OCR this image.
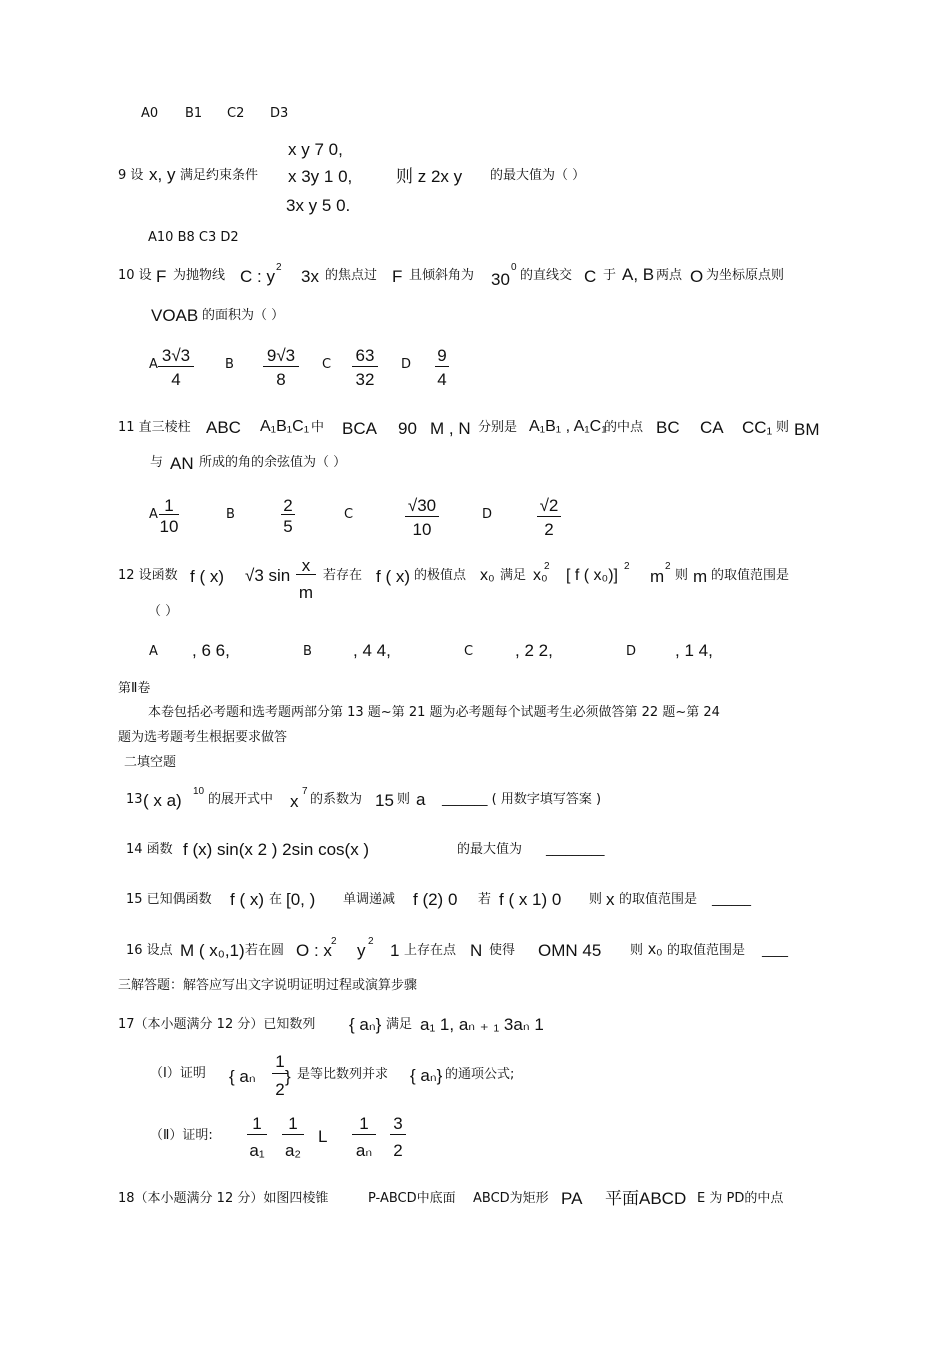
A0 B1 C2 D3
x y 7 0,
9 设 x, y 满足约束条件 x 3y 1 0,	则 z 2x y 的最大值为（ ）
3x y 5 0.
A10 B8 C3 D2
10 设 F 为抛物线 C : y 2 3x 的焦点过 F 且倾斜角为 30
0
的直线交 C 于 A, B 两点 O 为坐标原点则
VOAB 的面积为（ ）
A 3√3
4
B 9√3
8
C	63
32
D	9
4
11 直三棱柱 ABC A₁B₁C₁ 中 BCA 90 M , N 分别是 A₁B₁ , A₁C₁
的中点 BC CA CC₁ 则 BM
与 AN 所成的角的余弦值为（ ）
A 1
10
B	2
5
C	√30
10
D	√2
2
12 设函数 f ( x) √3 sin
x
m
若存在 f ( x) 的极值点 x₀ 满足 x₀
2
[ f ( x₀)]
2
m
2
则 m 的取值范围是
（ ）
A , 6 6,	B , 4 4,	C , 2 2,	D , 1 4,
第Ⅱ卷
本卷包括必考题和选考题两部分第 13 题~第 21 题为必考题每个试题考生必须做答第 22 题~第 24
题为选考题考生根据要求做答
二填空题
13 ( x a) 10
的展开式中 x
7
的系数为 15 则 a _______ ( 用数字填写答案 )
14 函数 f (x) sin(x 2 ) 2sin cos(x )	的最大值为 _________
15 已知偶函数 f ( x) 在 [0, ) 单调递减 f (2) 0 若 f ( x 1) 0 则 x 的取值范围是 ______
16 设点 M ( x₀,1) 若在圆 O : x 2 y 2 1 上存在点 N 使得 OMN 45 则 x₀ 的取值范围是 ____
三解答题：解答应写出文字说明证明过程或演算步骤
17（本小题满分 12 分）已知数列 { aₙ} 满足 a₁ 1, aₙ ₊ ₁ 3aₙ 1
（Ⅰ）证明 { aₙ
1
2
} 是等比数列并求 { aₙ} 的通项公式;
（Ⅱ）证明:
1
a₁
1
a₂
L
1
aₙ
3
2
18（本小题满分 12 分）如图四棱锥	P-ABCD中底面 ABCD为矩形 PA 平面ABCD E 为 PD的中点
